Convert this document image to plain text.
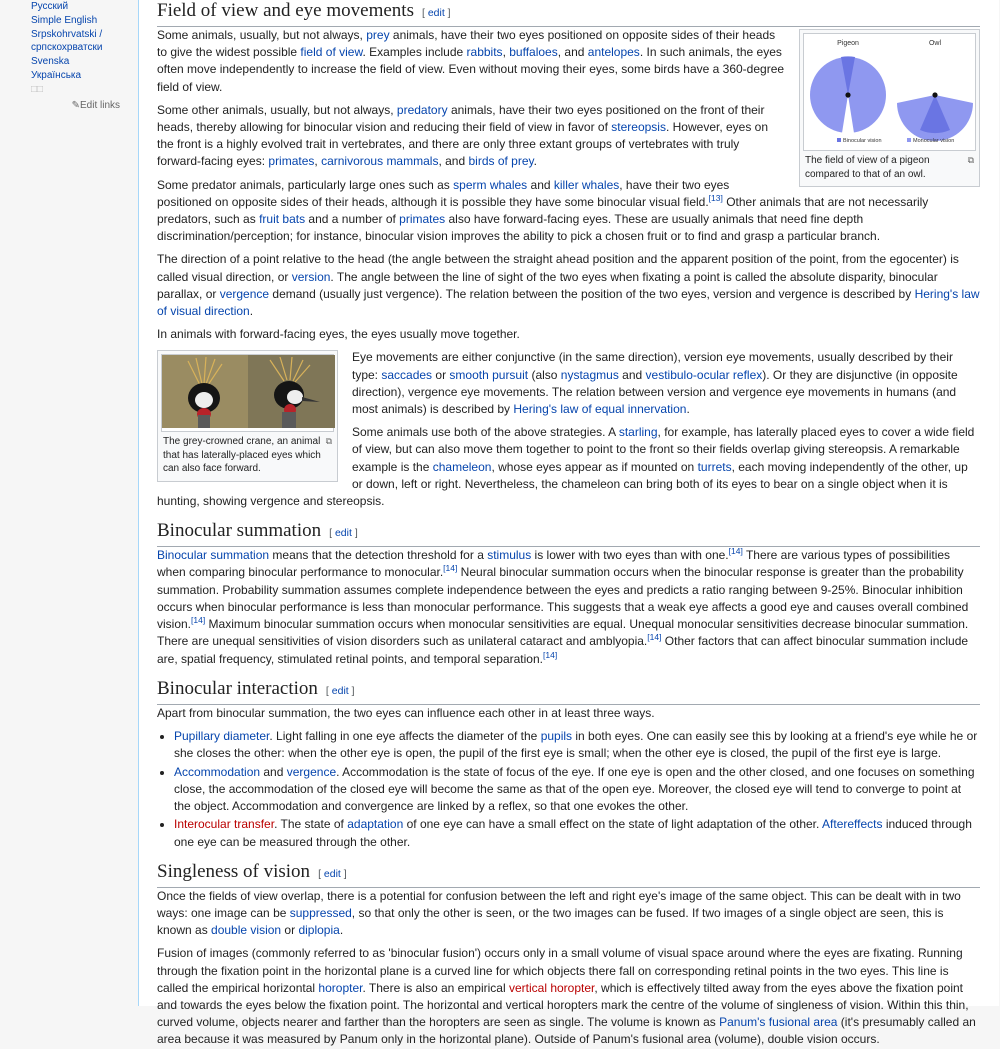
Русский
Simple English
Srpskohrvatski / српскохрватски
Svenska
Українська
□□
✎Edit links
Field of view and eye movements [ edit ]
Pigeon	Owl
Binocular vision	Monocular vision
⧉
The field of view of a pigeon compared to that of an owl.

Some animals, usually, but not always, prey animals, have their two eyes positioned on opposite sides of their heads to give the widest possible field of view. Examples include rabbits, buffaloes, and antelopes. In such animals, the eyes often move independently to increase the field of view. Even without moving their eyes, some birds have a 360-degree field of view.

Some other animals, usually, but not always, predatory animals, have their two eyes positioned on the front of their heads, thereby allowing for binocular vision and reducing their field of view in favor of stereopsis. However, eyes on the front is a highly evolved trait in vertebrates, and there are only three extant groups of vertebrates with truly forward-facing eyes: primates, carnivorous mammals, and birds of prey.

Some predator animals, particularly large ones such as sperm whales and killer whales, have their two eyes positioned on opposite sides of their heads, although it is possible they have some binocular visual field.[13] Other animals that are not necessarily predators, such as fruit bats and a number of primates also have forward-facing eyes. These are usually animals that need fine depth discrimination/perception; for instance, binocular vision improves the ability to pick a chosen fruit or to find and grasp a particular branch.

The direction of a point relative to the head (the angle between the straight ahead position and the apparent position of the point, from the egocenter) is called visual direction, or version. The angle between the line of sight of the two eyes when fixating a point is called the absolute disparity, binocular parallax, or vergence demand (usually just vergence). The relation between the position of the two eyes, version and vergence is described by Hering's law of visual direction.

In animals with forward-facing eyes, the eyes usually move together.

⧉
The grey-crowned crane, an animal that has laterally-placed eyes which can also face forward.

Eye movements are either conjunctive (in the same direction), version eye movements, usually described by their type: saccades or smooth pursuit (also nystagmus and vestibulo-ocular reflex). Or they are disjunctive (in opposite direction), vergence eye movements. The relation between version and vergence eye movements in humans (and most animals) is described by Hering's law of equal innervation.

Some animals use both of the above strategies. A starling, for example, has laterally placed eyes to cover a wide field of view, but can also move them together to point to the front so their fields overlap giving stereopsis. A remarkable example is the chameleon, whose eyes appear as if mounted on turrets, each moving independently of the other, up or down, left or right. Nevertheless, the chameleon can bring both of its eyes to bear on a single object when it is hunting, showing vergence and stereopsis.

Binocular summation [ edit ]

Binocular summation means that the detection threshold for a stimulus is lower with two eyes than with one.[14] There are various types of possibilities when comparing binocular performance to monocular.[14] Neural binocular summation occurs when the binocular response is greater than the probability summation. Probability summation assumes complete independence between the eyes and predicts a ratio ranging between 9-25%. Binocular inhibition occurs when binocular performance is less than monocular performance. This suggests that a weak eye affects a good eye and causes overall combined vision.[14] Maximum binocular summation occurs when monocular sensitivities are equal. Unequal monocular sensitivities decrease binocular summation. There are unequal sensitivities of vision disorders such as unilateral cataract and amblyopia.[14] Other factors that can affect binocular summation include are, spatial frequency, stimulated retinal points, and temporal separation.[14]

Binocular interaction [ edit ]

Apart from binocular summation, the two eyes can influence each other in at least three ways.

• Pupillary diameter. Light falling in one eye affects the diameter of the pupils in both eyes. One can easily see this by looking at a friend's eye while he or she closes the other: when the other eye is open, the pupil of the first eye is small; when the other eye is closed, the pupil of the first eye is large.
• Accommodation and vergence. Accommodation is the state of focus of the eye. If one eye is open and the other closed, and one focuses on something close, the accommodation of the closed eye will become the same as that of the open eye. Moreover, the closed eye will tend to converge to point at the object. Accommodation and convergence are linked by a reflex, so that one evokes the other.
• Interocular transfer. The state of adaptation of one eye can have a small effect on the state of light adaptation of the other. Aftereffects induced through one eye can be measured through the other.
Singleness of vision [ edit ]

Once the fields of view overlap, there is a potential for confusion between the left and right eye's image of the same object. This can be dealt with in two ways: one image can be suppressed, so that only the other is seen, or the two images can be fused. If two images of a single object are seen, this is known as double vision or diplopia.

Fusion of images (commonly referred to as 'binocular fusion') occurs only in a small volume of visual space around where the eyes are fixating. Running through the fixation point in the horizontal plane is a curved line for which objects there fall on corresponding retinal points in the two eyes. This line is called the empirical horizontal horopter. There is also an empirical vertical horopter, which is effectively tilted away from the eyes above the fixation point and towards the eyes below the fixation point. The horizontal and vertical horopters mark the centre of the volume of singleness of vision. Within this thin, curved volume, objects nearer and farther than the horopters are seen as single. The volume is known as Panum's fusional area (it's presumably called an area because it was measured by Panum only in the horizontal plane). Outside of Panum's fusional area (volume), double vision occurs.
